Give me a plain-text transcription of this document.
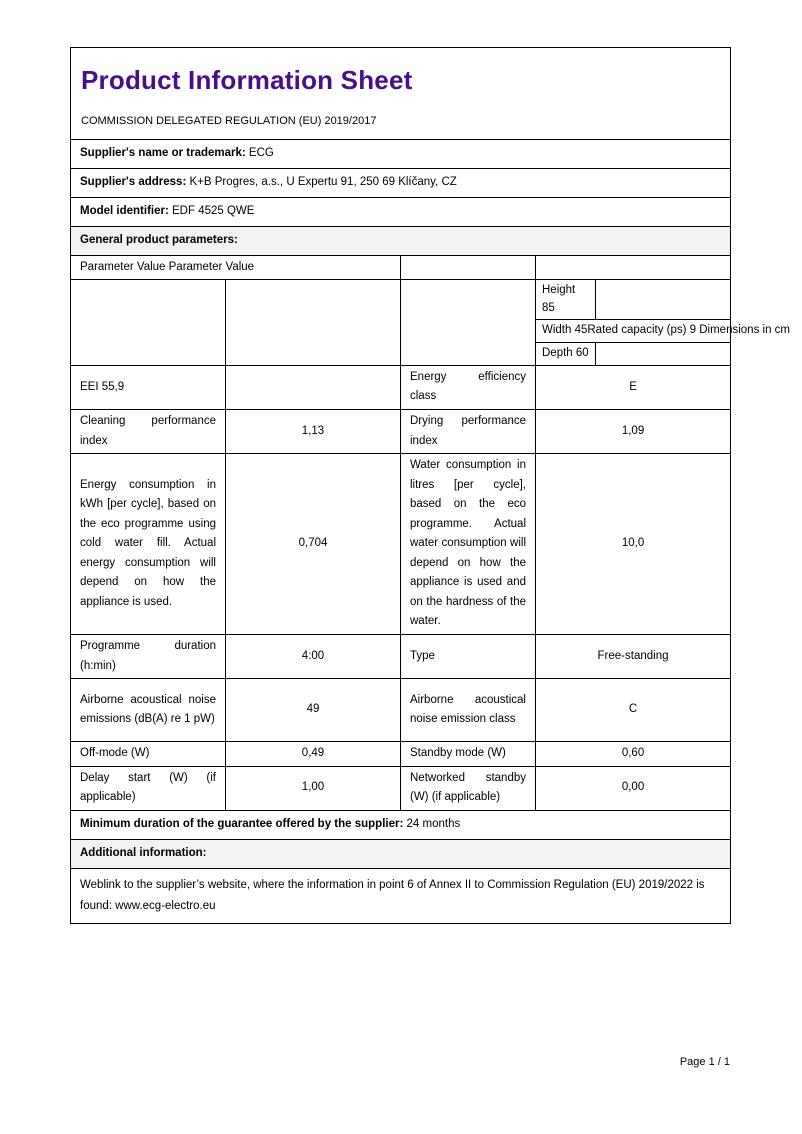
Product Information Sheet
COMMISSION DELEGATED REGULATION (EU) 2019/2017				

Supplier's name or trademark: ECG				
Supplier's address: K+B Progres, a.s., U Expertu 91, 250 69 Klíčany, CZ				
Model identifier: EDF 4525 QWE				
General product parameters:				
Parameter Value Parameter Value				
			Height 85	
			Width 45Rated capacity (ps) 9 Dimensions in cm	
			Depth 60	
EEI 55,9		Energy efficiency class	E	
Cleaning performance index	1,13	Drying performance index	1,09	
Energy consumption in kWh [per cycle], based on the eco programme using cold water fill. Actual energy consumption will depend on how the appliance is used.	0,704	Water consumption in litres [per cycle], based on the eco programme. Actual water consumption will depend on how the appliance is used and on the hardness of the water.	10,0	
Programme duration (h:min)	4:00	Type	Free-standing	
Airborne acoustical noise emissions (dB(A) re 1 pW)	49	Airborne acoustical noise emission class	C	
Off-mode (W)	0,49	Standby mode (W)	0,60	
Delay start (W) (if applicable)	1,00	Networked standby (W) (if applicable)	0,00	
Minimum duration of the guarantee offered by the supplier: 24 months				
Additional information:				
Weblink to the supplier’s website, where the information in point 6 of Annex II to Commission Regulation (EU) 2019/2022 is found: www.ecg-electro.eu				
Page 1 / 1
